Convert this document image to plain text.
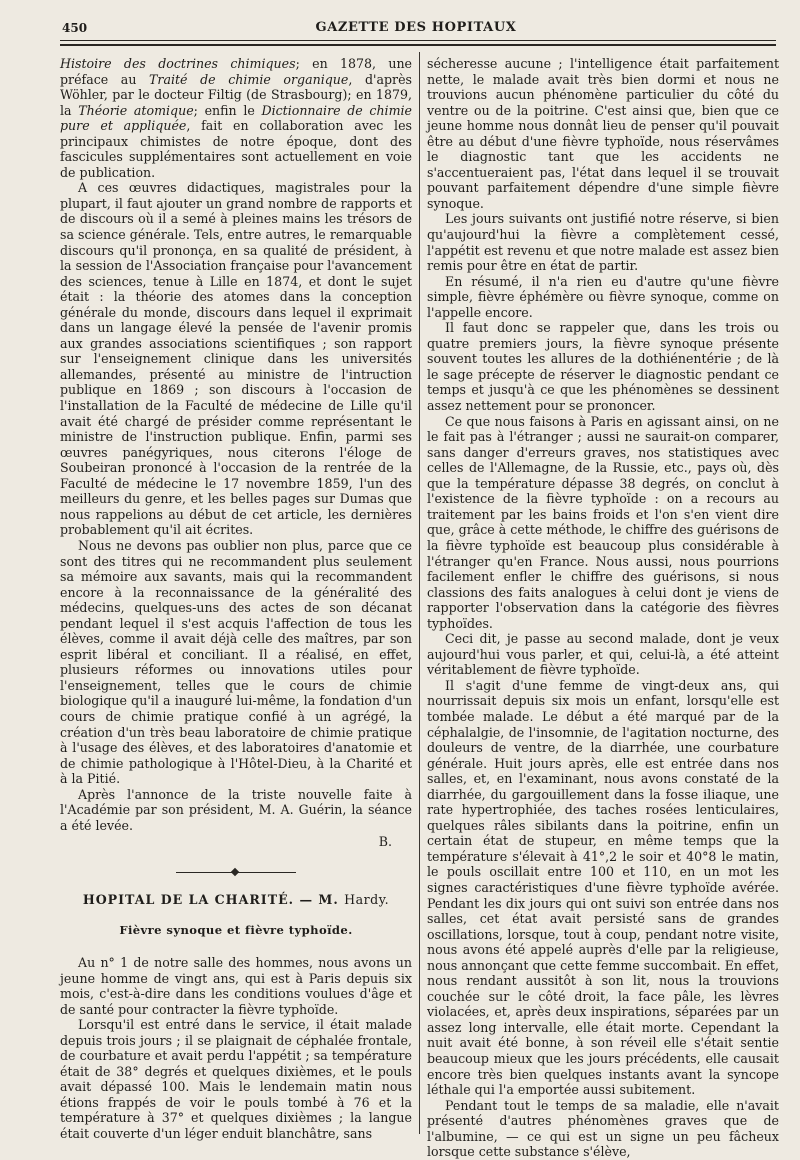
450	GAZETTE DES HOPITAUX

Histoire des doctrines chimiques; en 1878, une préface au Traité de chimie organique, d'après Wöhler, par le docteur Filtig (de Strasbourg); en 1879, la Théorie atomique; enfin le Dictionnaire de chimie pure et appliquée, fait en collaboration avec les principaux chimistes de notre époque, dont des fascicules supplémentaires sont actuellement en voie de publication.

A ces œuvres didactiques, magistrales pour la plupart, il faut ajouter un grand nombre de rapports et de discours où il a semé à pleines mains les trésors de sa science générale. Tels, entre autres, le remarquable discours qu'il prononça, en sa qualité de président, à la session de l'Association française pour l'avancement des sciences, tenue à Lille en 1874, et dont le sujet était : la théorie des atomes dans la conception générale du monde, discours dans lequel il exprimait dans un langage élevé la pensée de l'avenir promis aux grandes associations scientifiques ; son rapport sur l'enseignement clinique dans les universités allemandes, présenté au ministre de l'intruction publique en 1869 ; son discours à l'occasion de l'installation de la Faculté de médecine de Lille qu'il avait été chargé de présider comme représentant le ministre de l'instruction publique. Enfin, parmi ses œuvres panégyriques, nous citerons l'éloge de Soubeiran prononcé à l'occasion de la rentrée de la Faculté de médecine le 17 novembre 1859, l'un des meilleurs du genre, et les belles pages sur Dumas que nous rappelions au début de cet article, les dernières probablement qu'il ait écrites.

Nous ne devons pas oublier non plus, parce que ce sont des titres qui ne recommandent plus seulement sa mémoire aux savants, mais qui la recommandent encore à la reconnaissance de la généralité des médecins, quelques-uns des actes de son décanat pendant lequel il s'est acquis l'affection de tous les élèves, comme il avait déjà celle des maîtres, par son esprit libéral et conciliant. Il a réalisé, en effet, plusieurs réformes ou innovations utiles pour l'enseignement, telles que le cours de chimie biologique qu'il a inauguré lui-même, la fondation d'un cours de chimie pratique confié à un agrégé, la création d'un très beau laboratoire de chimie pratique à l'usage des élèves, et des laboratoires d'anatomie et de chimie pathologique à l'Hôtel-Dieu, à la Charité et à la Pitié.

Après l'annonce de la triste nouvelle faite à l'Académie par son président, M. A. Guérin, la séance a été levée.

B.

HOPITAL DE LA CHARITÉ. — M. Hardy.

Fièvre synoque et fièvre typhoïde.

Au n° 1 de notre salle des hommes, nous avons un jeune homme de vingt ans, qui est à Paris depuis six mois, c'est-à-dire dans les conditions voulues d'âge et de santé pour contracter la fièvre typhoïde.

Lorsqu'il est entré dans le service, il était malade depuis trois jours ; il se plaignait de céphalée frontale, de courbature et avait perdu l'appétit ; sa température était de 38° degrés et quelques dixièmes, et le pouls avait dépassé 100. Mais le lendemain matin nous étions frappés de voir le pouls tombé à 76 et la température à 37° et quelques dixièmes ; la langue était couverte d'un léger enduit blanchâtre, sans

sécheresse aucune ; l'intelligence était parfaitement nette, le malade avait très bien dormi et nous ne trouvions aucun phénomène particulier du côté du ventre ou de la poitrine. C'est ainsi que, bien que ce jeune homme nous donnât lieu de penser qu'il pouvait être au début d'une fièvre typhoïde, nous réservâmes le diagnostic tant que les accidents ne s'accentueraient pas, l'état dans lequel il se trouvait pouvant parfaitement dépendre d'une simple fièvre synoque.

Les jours suivants ont justifié notre réserve, si bien qu'aujourd'hui la fièvre a complètement cessé, l'appétit est revenu et que notre malade est assez bien remis pour être en état de partir.

En résumé, il n'a rien eu d'autre qu'une fièvre simple, fièvre éphémère ou fièvre synoque, comme on l'appelle encore.

Il faut donc se rappeler que, dans les trois ou quatre premiers jours, la fièvre synoque présente souvent toutes les allures de la dothiénentérie ; de là le sage précepte de réserver le diagnostic pendant ce temps et jusqu'à ce que les phénomènes se dessinent assez nettement pour se prononcer.

Ce que nous faisons à Paris en agissant ainsi, on ne le fait pas à l'étranger ; aussi ne saurait-on comparer, sans danger d'erreurs graves, nos statistiques avec celles de l'Allemagne, de la Russie, etc., pays où, dès que la température dépasse 38 degrés, on conclut à l'existence de la fièvre typhoïde : on a recours au traitement par les bains froids et l'on s'en vient dire que, grâce à cette méthode, le chiffre des guérisons de la fièvre typhoïde est beaucoup plus considérable à l'étranger qu'en France. Nous aussi, nous pourrions facilement enfler le chiffre des guérisons, si nous classions des faits analogues à celui dont je viens de rapporter l'observation dans la catégorie des fièvres typhoïdes.

Ceci dit, je passe au second malade, dont je veux aujourd'hui vous parler, et qui, celui-là, a été atteint véritablement de fièvre typhoïde.

Il s'agit d'une femme de vingt-deux ans, qui nourrissait depuis six mois un enfant, lorsqu'elle est tombée malade. Le début a été marqué par de la céphalalgie, de l'insomnie, de l'agitation nocturne, des douleurs de ventre, de la diarrhée, une courbature générale. Huit jours après, elle est entrée dans nos salles, et, en l'examinant, nous avons constaté de la diarrhée, du gargouillement dans la fosse iliaque, une rate hypertrophiée, des taches rosées lenticulaires, quelques râles sibilants dans la poitrine, enfin un certain état de stupeur, en même temps que la température s'élevait à 41°,2 le soir et 40°8 le matin, le pouls oscillait entre 100 et 110, en un mot les signes caractéristiques d'une fièvre typhoïde avérée. Pendant les dix jours qui ont suivi son entrée dans nos salles, cet état avait persisté sans de grandes oscillations, lorsque, tout à coup, pendant notre visite, nous avons été appelé auprès d'elle par la religieuse, nous annonçant que cette femme succombait. En effet, nous rendant aussitôt à son lit, nous la trouvions couchée sur le côté droit, la face pâle, les lèvres violacées, et, après deux inspirations, séparées par un assez long intervalle, elle était morte. Cependant la nuit avait été bonne, à son réveil elle s'était sentie beaucoup mieux que les jours précédents, elle causait encore très bien quelques instants avant la syncope léthale qui l'a emportée aussi subitement.

Pendant tout le temps de sa maladie, elle n'avait présenté d'autres phénomènes graves que de l'albumine, — ce qui est un signe un peu fâcheux lorsque cette substance s'élève,
